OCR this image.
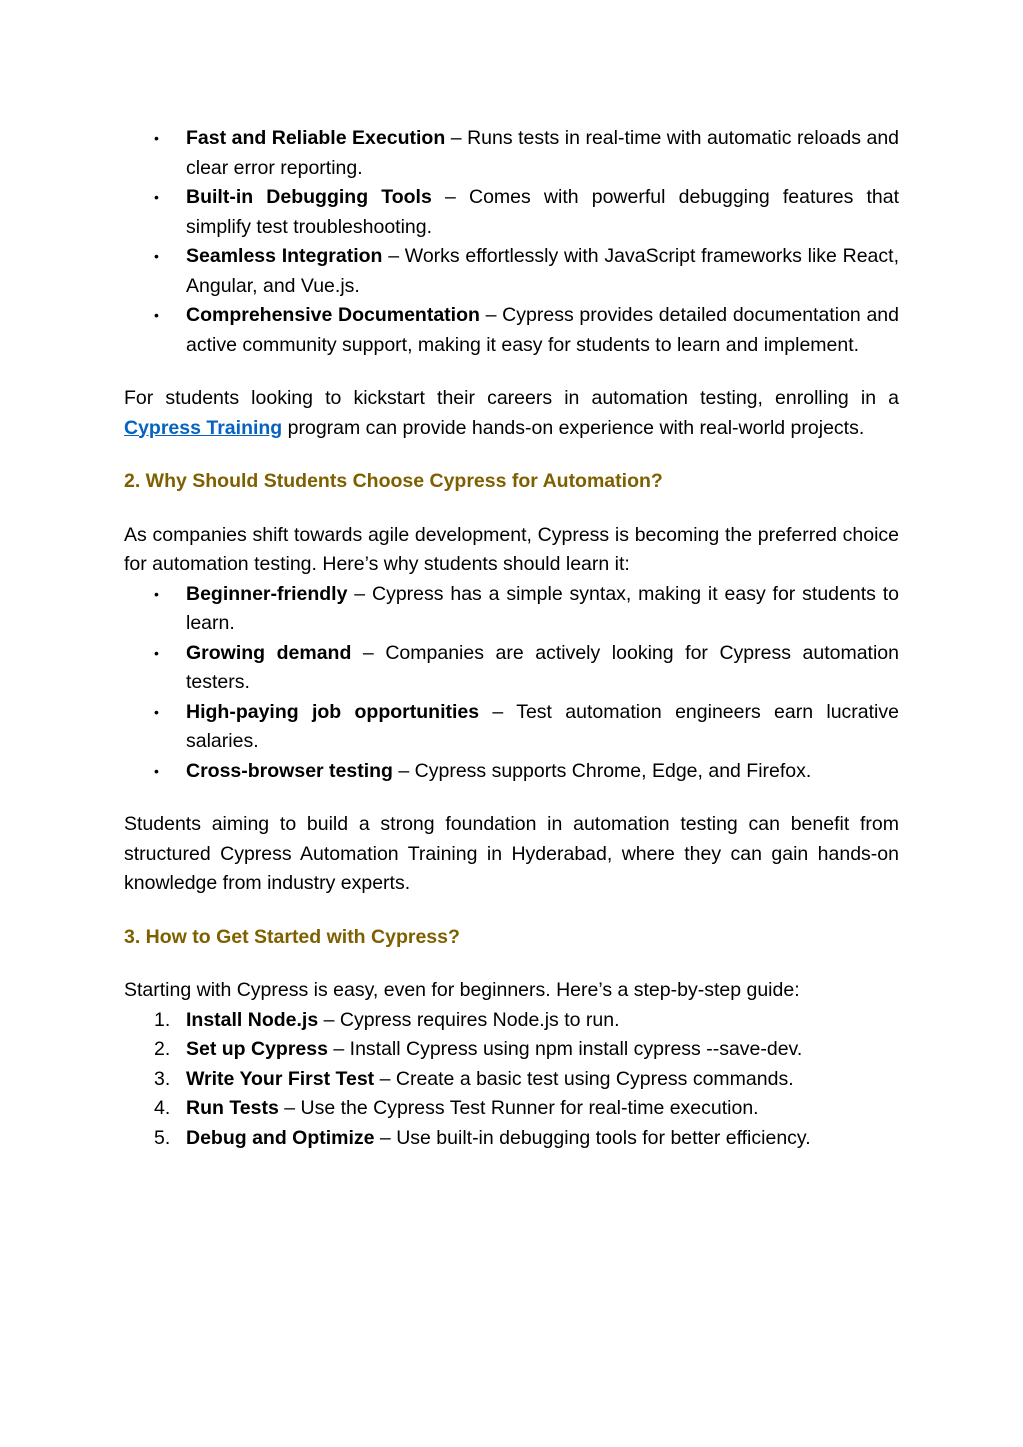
•	Fast and Reliable Execution – Runs tests in real-time with automatic reloads and clear error reporting.
•	Built-in Debugging Tools – Comes with powerful debugging features that simplify test troubleshooting.
•	Seamless Integration – Works effortlessly with JavaScript frameworks like React, Angular, and Vue.js.
•	Comprehensive Documentation – Cypress provides detailed documentation and active community support, making it easy for students to learn and implement.

For students looking to kickstart their careers in automation testing, enrolling in a Cypress Training program can provide hands-on experience with real-world projects.

2. Why Should Students Choose Cypress for Automation?

As companies shift towards agile development, Cypress is becoming the preferred choice for automation testing. Here’s why students should learn it:

•	Beginner-friendly – Cypress has a simple syntax, making it easy for students to learn.
•	Growing demand – Companies are actively looking for Cypress automation testers.
•	High-paying job opportunities – Test automation engineers earn lucrative salaries.
•	Cross-browser testing – Cypress supports Chrome, Edge, and Firefox.

Students aiming to build a strong foundation in automation testing can benefit from structured Cypress Automation Training in Hyderabad, where they can gain hands-on knowledge from industry experts.

3. How to Get Started with Cypress?

Starting with Cypress is easy, even for beginners. Here’s a step-by-step guide:

1. Install Node.js – Cypress requires Node.js to run.
2. Set up Cypress – Install Cypress using npm install cypress --save-dev.
3. Write Your First Test – Create a basic test using Cypress commands.
4. Run Tests – Use the Cypress Test Runner for real-time execution.
5. Debug and Optimize – Use built-in debugging tools for better efficiency.
